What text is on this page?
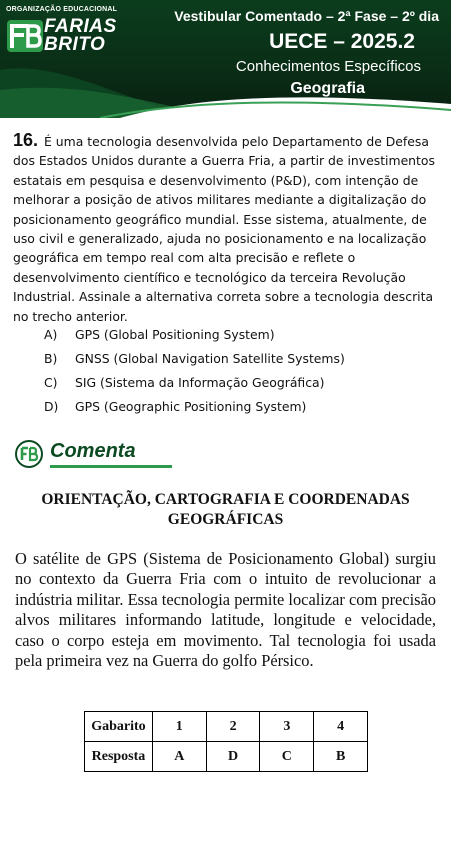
ORGANIZAÇÃO EDUCACIONAL
FARIAS
BRITO
Vestibular Comentado – 2ª Fase – 2º dia
UECE – 2025.2
Conhecimentos Específicos
Geografia
16. É uma tecnologia desenvolvida pelo Departamento de Defesa dos Estados Unidos durante a Guerra Fria, a partir de investimentos estatais em pesquisa e desenvolvimento (P&D), com intenção de melhorar a posição de ativos militares mediante a digitalização do posicionamento geográfico mundial. Esse sistema, atualmente, de uso civil e generalizado, ajuda no posicionamento e na localização geográfica em tempo real com alta precisão e reflete o desenvolvimento científico e tecnológico da terceira Revolução Industrial. Assinale a alternativa correta sobre a tecnologia descrita no trecho anterior.
A) GPS (Global Positioning System)
B) GNSS (Global Navigation Satellite Systems)
C) SIG (Sistema da Informação Geográfica)
D) GPS (Geographic Positioning System)
Comenta
ORIENTAÇÃO, CARTOGRAFIA E COORDENADAS GEOGRÁFICAS
O satélite de GPS (Sistema de Posicionamento Global) surgiu no contexto da Guerra Fria com o intuito de revolucionar a indústria militar. Essa tecnologia permite localizar com precisão alvos militares informando latitude, longitude e velocidade, caso o corpo esteja em movimento. Tal tecnologia foi usada pela primeira vez na Guerra do golfo Pérsico.
Gabarito	1	2	3	4
Resposta	A	D	C	B
